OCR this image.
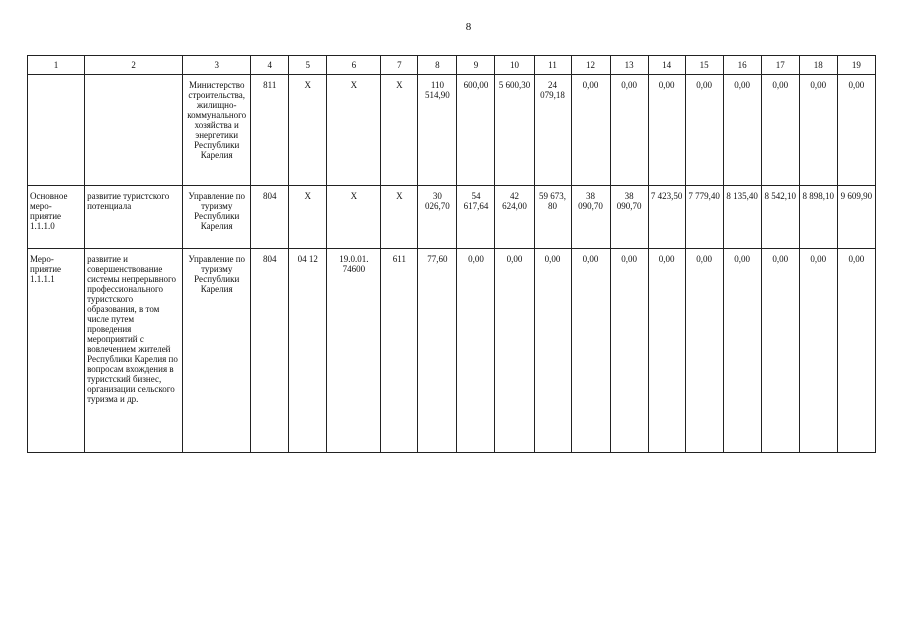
8
1	2	3	4	5	6	7	8	9	10	11	12	13	14	15	16	17	18	19
		Министерство строительства, жилищно-коммунального хозяйства и энергетики Республики Карелия	811	X	X	X	110 514,90	600,00	5 600,30	24 079,18	0,00	0,00	0,00	0,00	0,00	0,00	0,00	0,00
Основное меро-приятие 1.1.1.0	развитие туристского потенциала	Управление по туризму Республики Карелия	804	X	X	X	30 026,70	54 617,64	42 624,00	59 673, 80	38 090,70	38 090,70	7 423,50	7 779,40	8 135,40	8 542,10	8 898,10	9 609,90
Меро-приятие 1.1.1.1	развитие и совершенствование системы непрерывного профессионального туристского образования, в том числе путем проведения мероприятий с вовлечением жителей Республики Карелия по вопросам вхождения в туристский бизнес, организации сельского туризма и др.	Управление по туризму Республики Карелия	804	04 12	19.0.01. 74600	611	77,60	0,00	0,00	0,00	0,00	0,00	0,00	0,00	0,00	0,00	0,00	0,00
